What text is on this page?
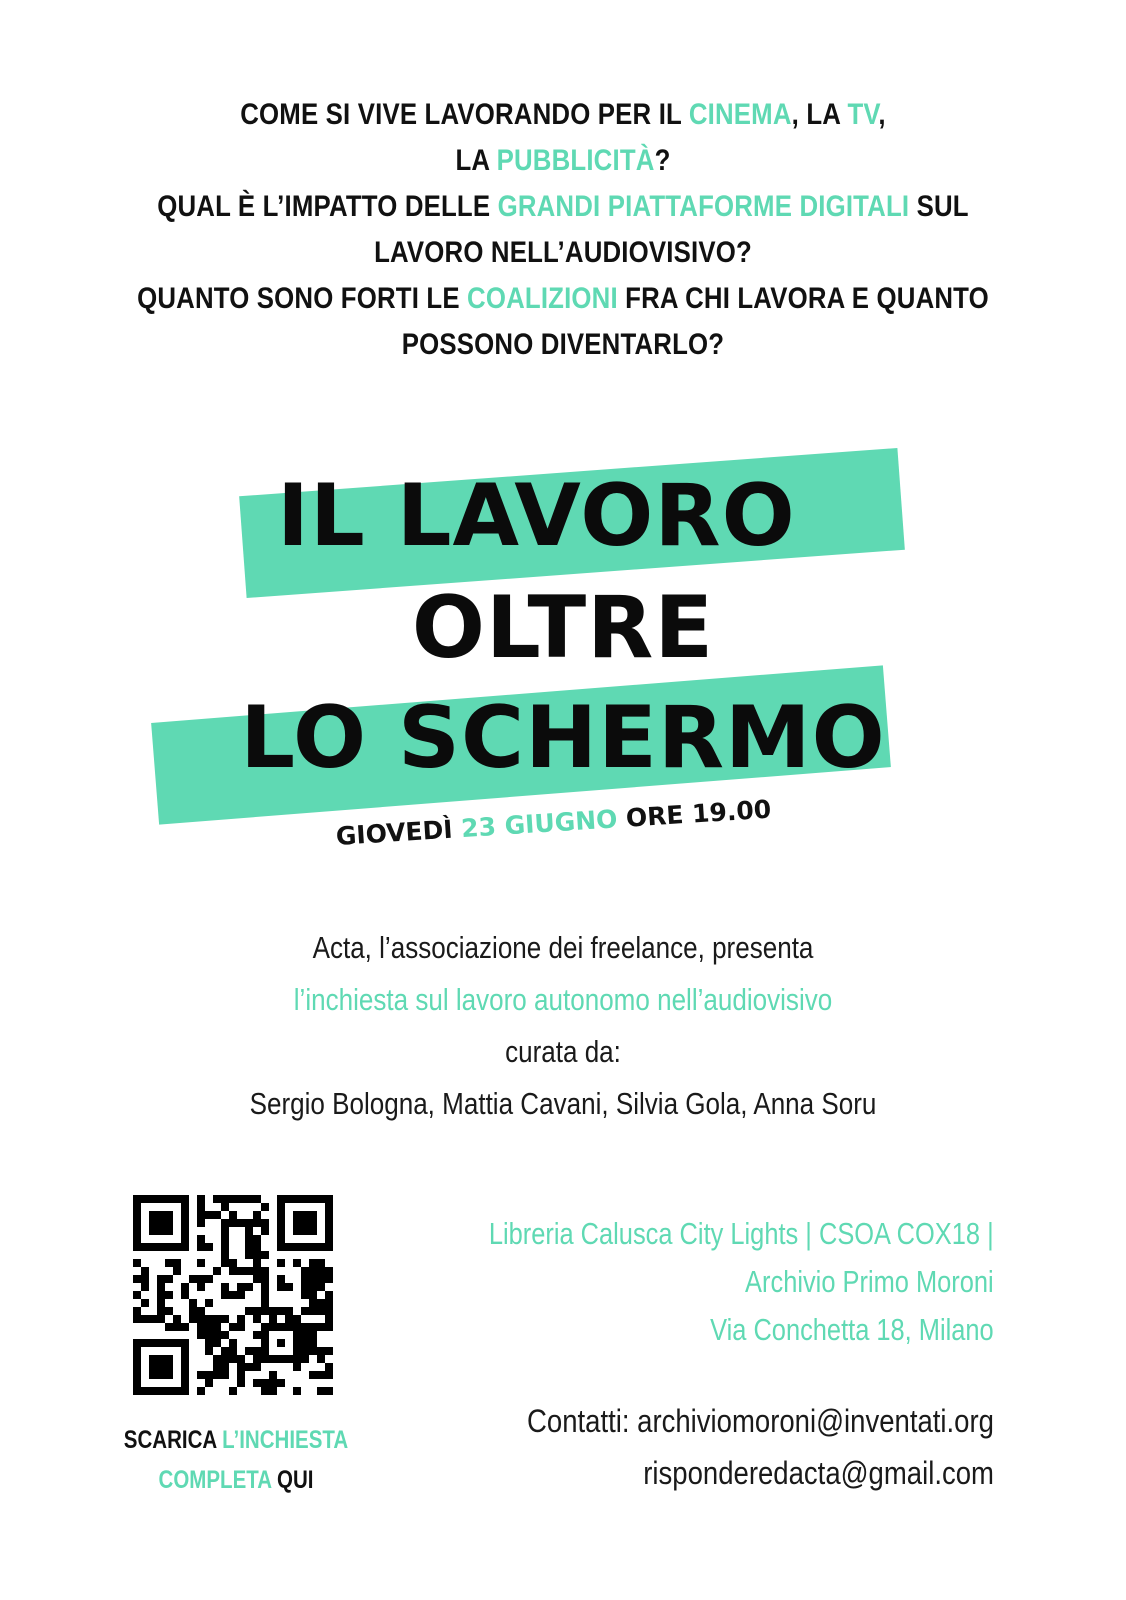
COME SI VIVE LAVORANDO PER IL CINEMA, LA TV,
LA PUBBLICITÀ?
QUAL È L’IMPATTO DELLE GRANDI PIATTAFORME DIGITALI SUL
LAVORO NELL’AUDIOVISIVO?
QUANTO SONO FORTI LE COALIZIONI FRA CHI LAVORA E QUANTO
POSSONO DIVENTARLO?
OLTRE
LO SCHERMO
IL LAVORO
GIOVEDÌ 23 GIUGNO ORE 19.00
Acta, l’associazione dei freelance, presenta
l’inchiesta sul lavoro autonomo nell’audiovisivo
curata da:
Sergio Bologna, Mattia Cavani, Silvia Gola, Anna Soru
SCARICA L’INCHIESTA
COMPLETA QUI
Libreria Calusca City Lights | CSOA COX18 |
Archivio Primo Moroni
Via Conchetta 18, Milano
Contatti: archiviomoroni@inventati.org
risponderedacta@gmail.com
